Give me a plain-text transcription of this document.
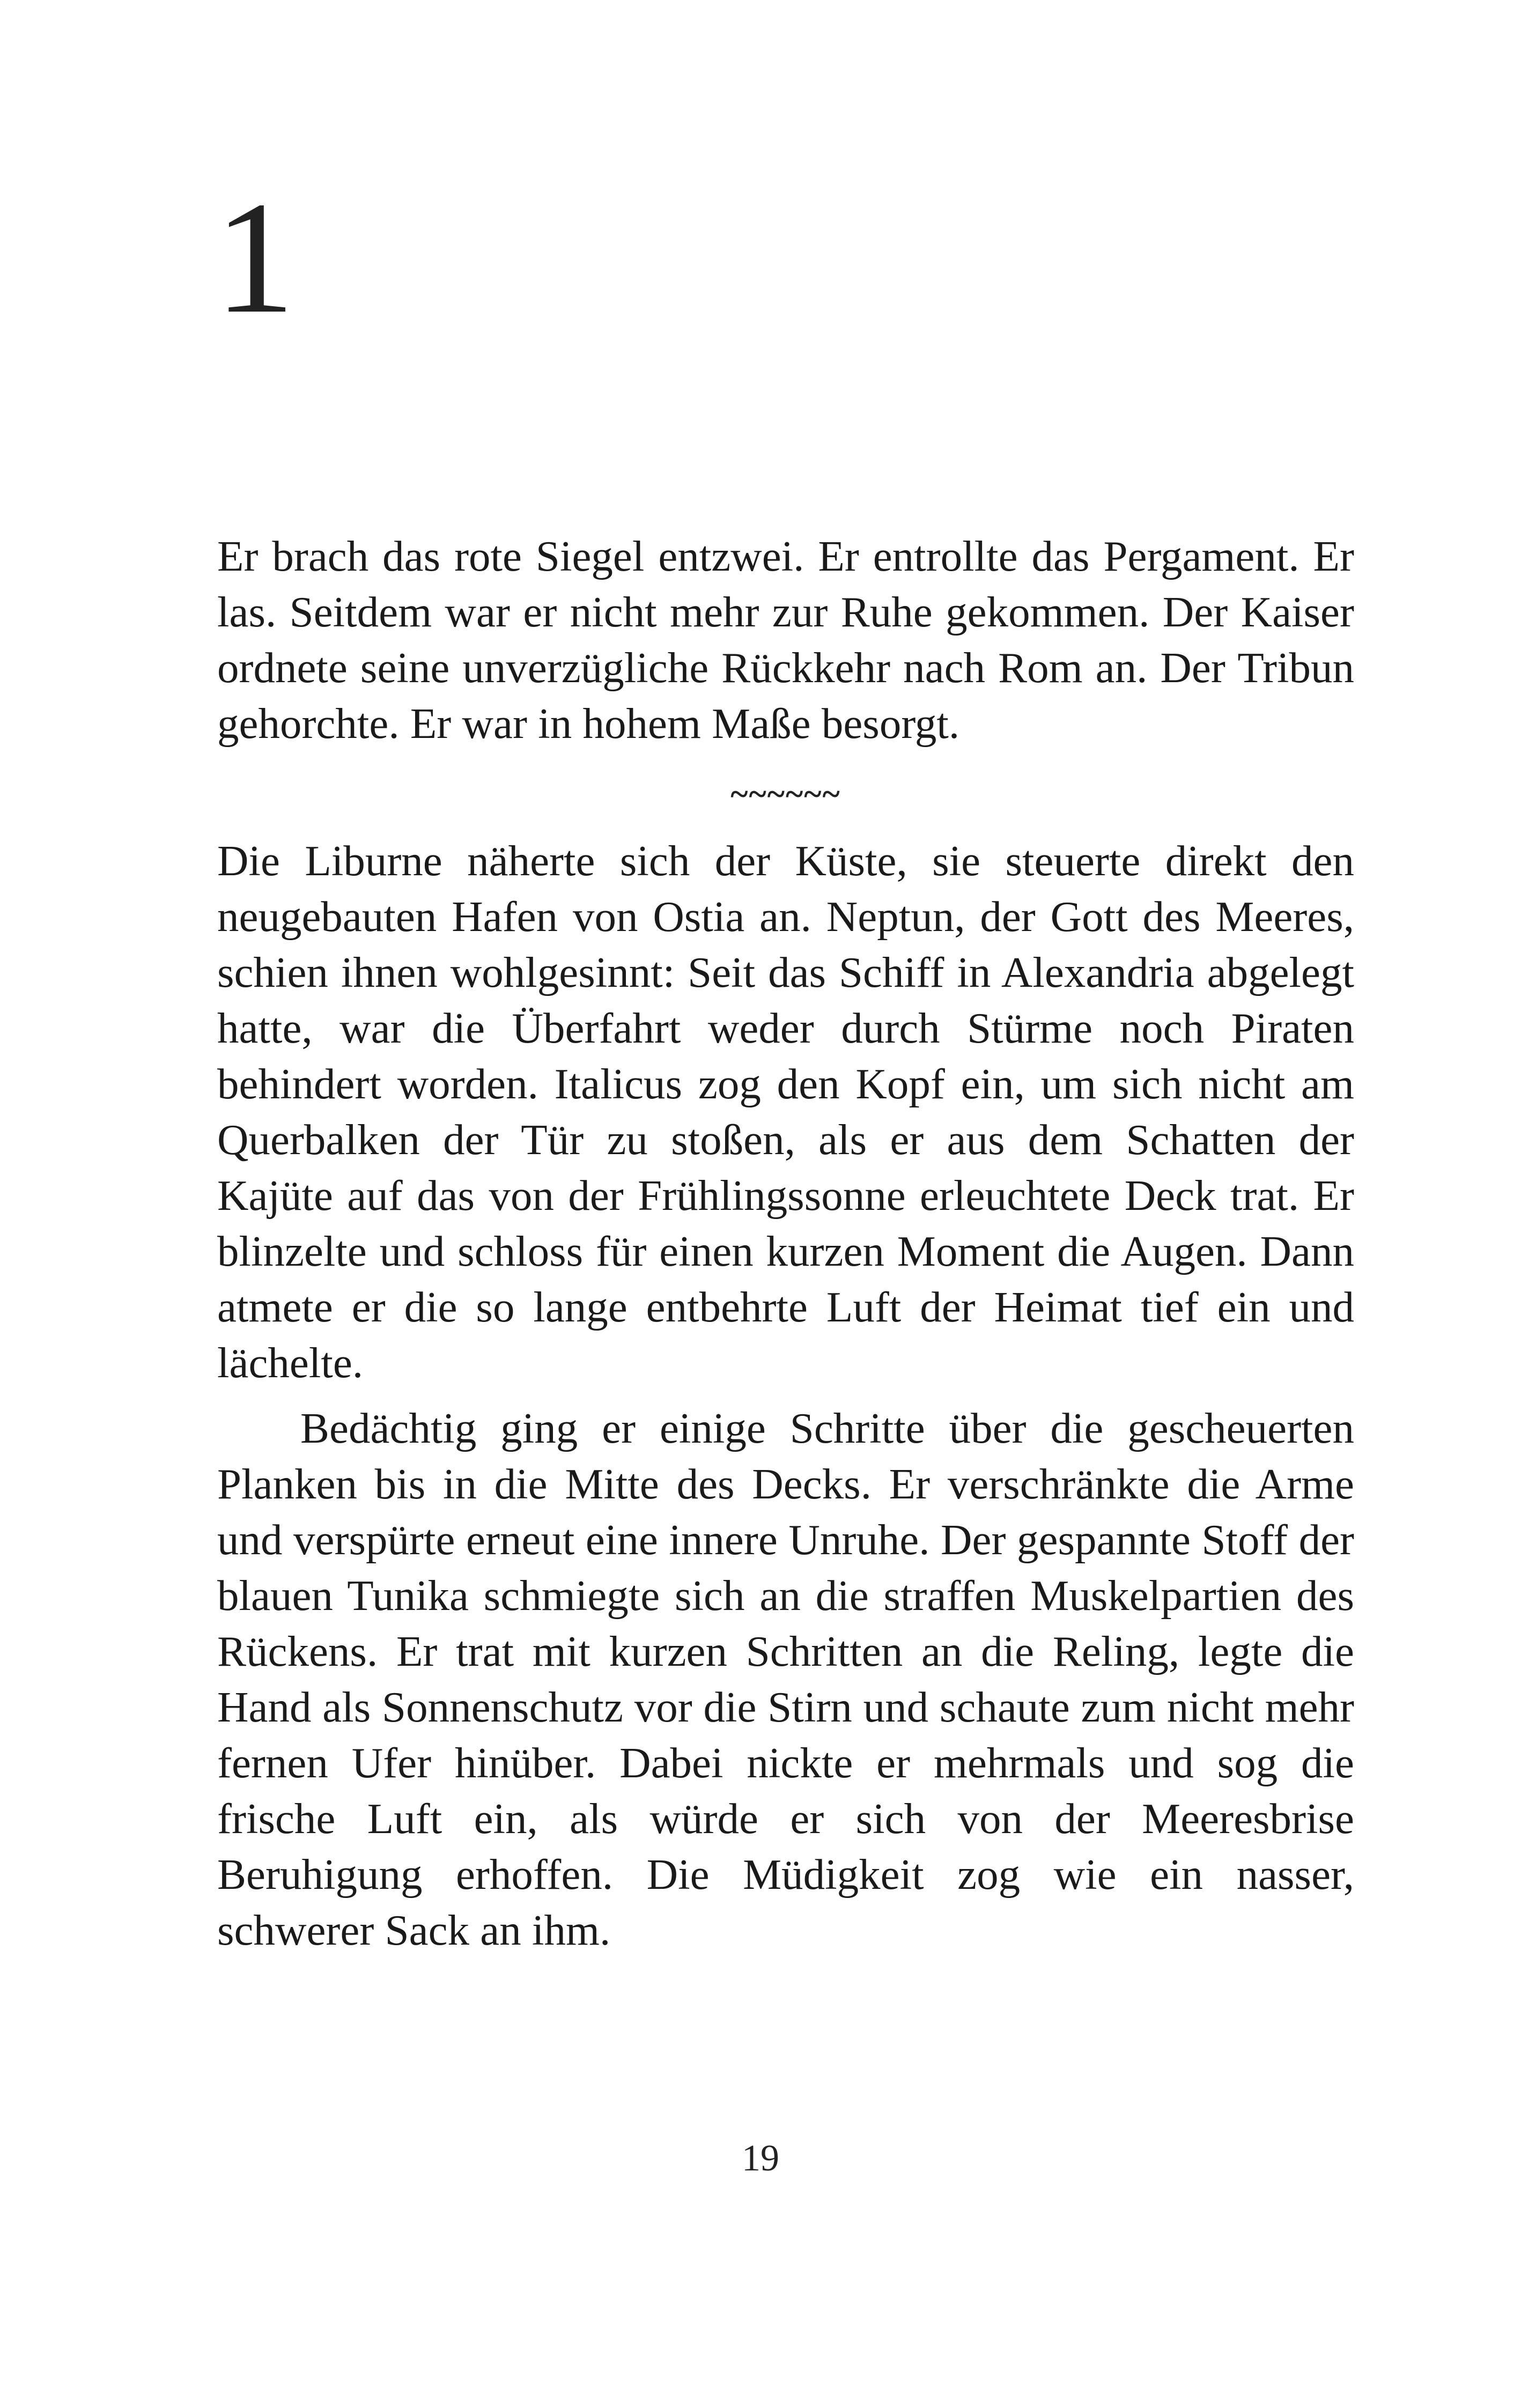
1

Er brach das rote Siegel entzwei. Er entrollte das Pergament. Er las. Seitdem war er nicht mehr zur Ruhe gekommen. Der Kaiser ordnete seine unverzügliche Rückkehr nach Rom an. Der Tribun gehorchte. Er war in hohem Maße besorgt.

~~~~~~

Die Liburne näherte sich der Küste, sie steuerte direkt den neugebauten Hafen von Ostia an. Neptun, der Gott des Meeres, schien ihnen wohlgesinnt: Seit das Schiff in Alexandria abgelegt hatte, war die Überfahrt weder durch Stürme noch Piraten behindert worden. Italicus zog den Kopf ein, um sich nicht am Querbalken der Tür zu stoßen, als er aus dem Schatten der Kajüte auf das von der Frühlingssonne erleuchtete Deck trat. Er blinzelte und schloss für einen kurzen Moment die Augen. Dann atmete er die so lange entbehrte Luft der Heimat tief ein und lächelte.

Bedächtig ging er einige Schritte über die gescheuerten Planken bis in die Mitte des Decks. Er verschränkte die Arme und verspürte erneut eine innere Unruhe. Der gespannte Stoff der blauen Tunika schmiegte sich an die straffen Muskelpartien des Rückens. Er trat mit kurzen Schritten an die Reling, legte die Hand als Sonnenschutz vor die Stirn und schaute zum nicht mehr fernen Ufer hinüber. Dabei nickte er mehrmals und sog die frische Luft ein, als würde er sich von der Meeresbrise Beruhigung erhoffen. Die Müdigkeit zog wie ein nasser, schwerer Sack an ihm.

19
